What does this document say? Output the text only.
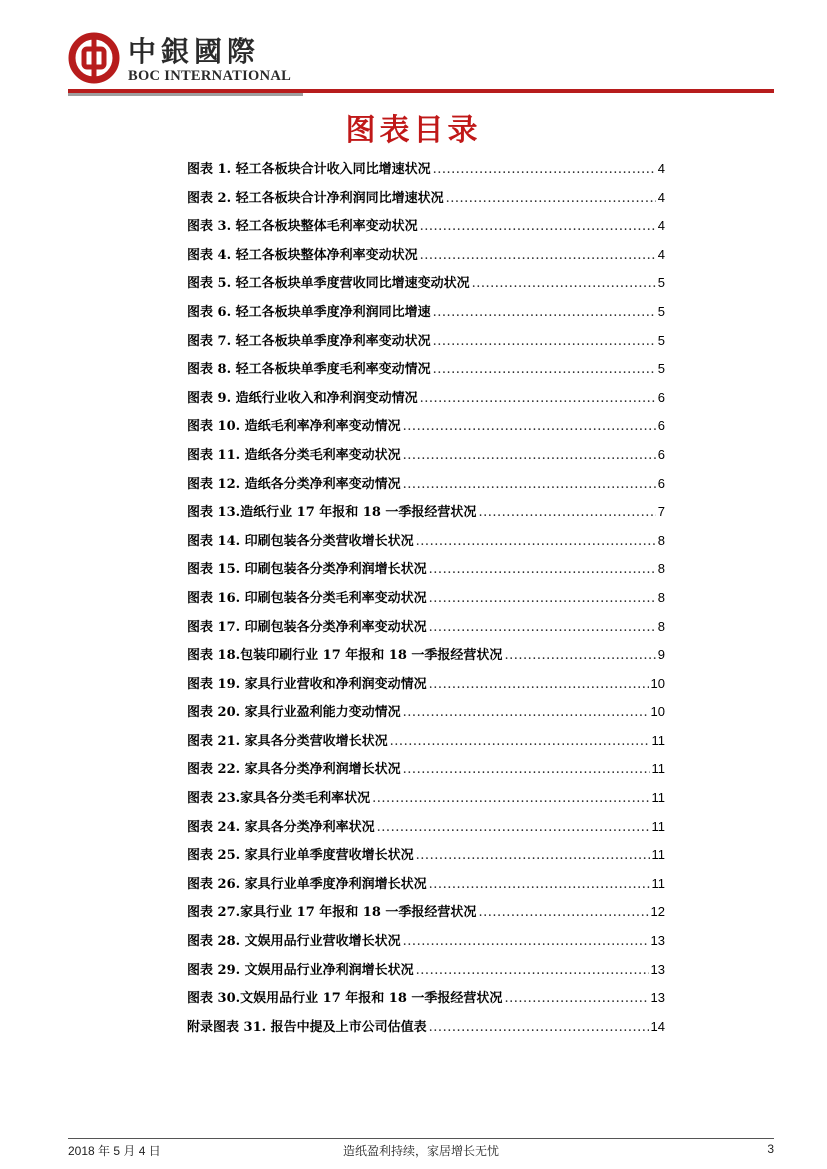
中銀國際
BOC INTERNATIONAL
图表目录
图表 1. 轻工各板块合计收入同比增速状况 .....	4
图表 2. 轻工各板块合计净利润同比增速状况 .....	4
图表 3. 轻工各板块整体毛利率变动状况 .....	4
图表 4. 轻工各板块整体净利率变动状况 .....	4
图表 5. 轻工各板块单季度营收同比增速变动状况 .....	5
图表 6. 轻工各板块单季度净利润同比增速 .....	5
图表 7. 轻工各板块单季度净利率变动状况 .....	5
图表 8. 轻工各板块单季度毛利率变动情况 .....	5
图表 9. 造纸行业收入和净利润变动情况 .....	6
图表 10. 造纸毛利率净利率变动情况 .....	6
图表 11. 造纸各分类毛利率变动状况 .....	6
图表 12. 造纸各分类净利率变动情况 .....	6
图表 13.造纸行业 17 年报和 18 一季报经营状况 .....	7
图表 14. 印刷包装各分类营收增长状况 .....	8
图表 15. 印刷包装各分类净利润增长状况 .....	8
图表 16. 印刷包装各分类毛利率变动状况 .....	8
图表 17. 印刷包装各分类净利率变动状况 .....	8
图表 18.包装印刷行业 17 年报和 18 一季报经营状况 .....	9
图表 19. 家具行业营收和净利润变动情况 .....	10
图表 20. 家具行业盈利能力变动情况 .....	10
图表 21. 家具各分类营收增长状况 .....	11
图表 22. 家具各分类净利润增长状况 .....	11
图表 23.家具各分类毛利率状况 .....	11
图表 24. 家具各分类净利率状况 .....	11
图表 25. 家具行业单季度营收增长状况 .....	11
图表 26. 家具行业单季度净利润增长状况 .....	11
图表 27.家具行业 17 年报和 18 一季报经营状况 .....	12
图表 28. 文娱用品行业营收增长状况 .....	13
图表 29. 文娱用品行业净利润增长状况 .....	13
图表 30.文娱用品行业 17 年报和 18 一季报经营状况 .....	13
附录图表 31. 报告中提及上市公司估值表 .....	14
2018 年 5 月 4 日	造纸盈利持续，家居增长无忧	3
